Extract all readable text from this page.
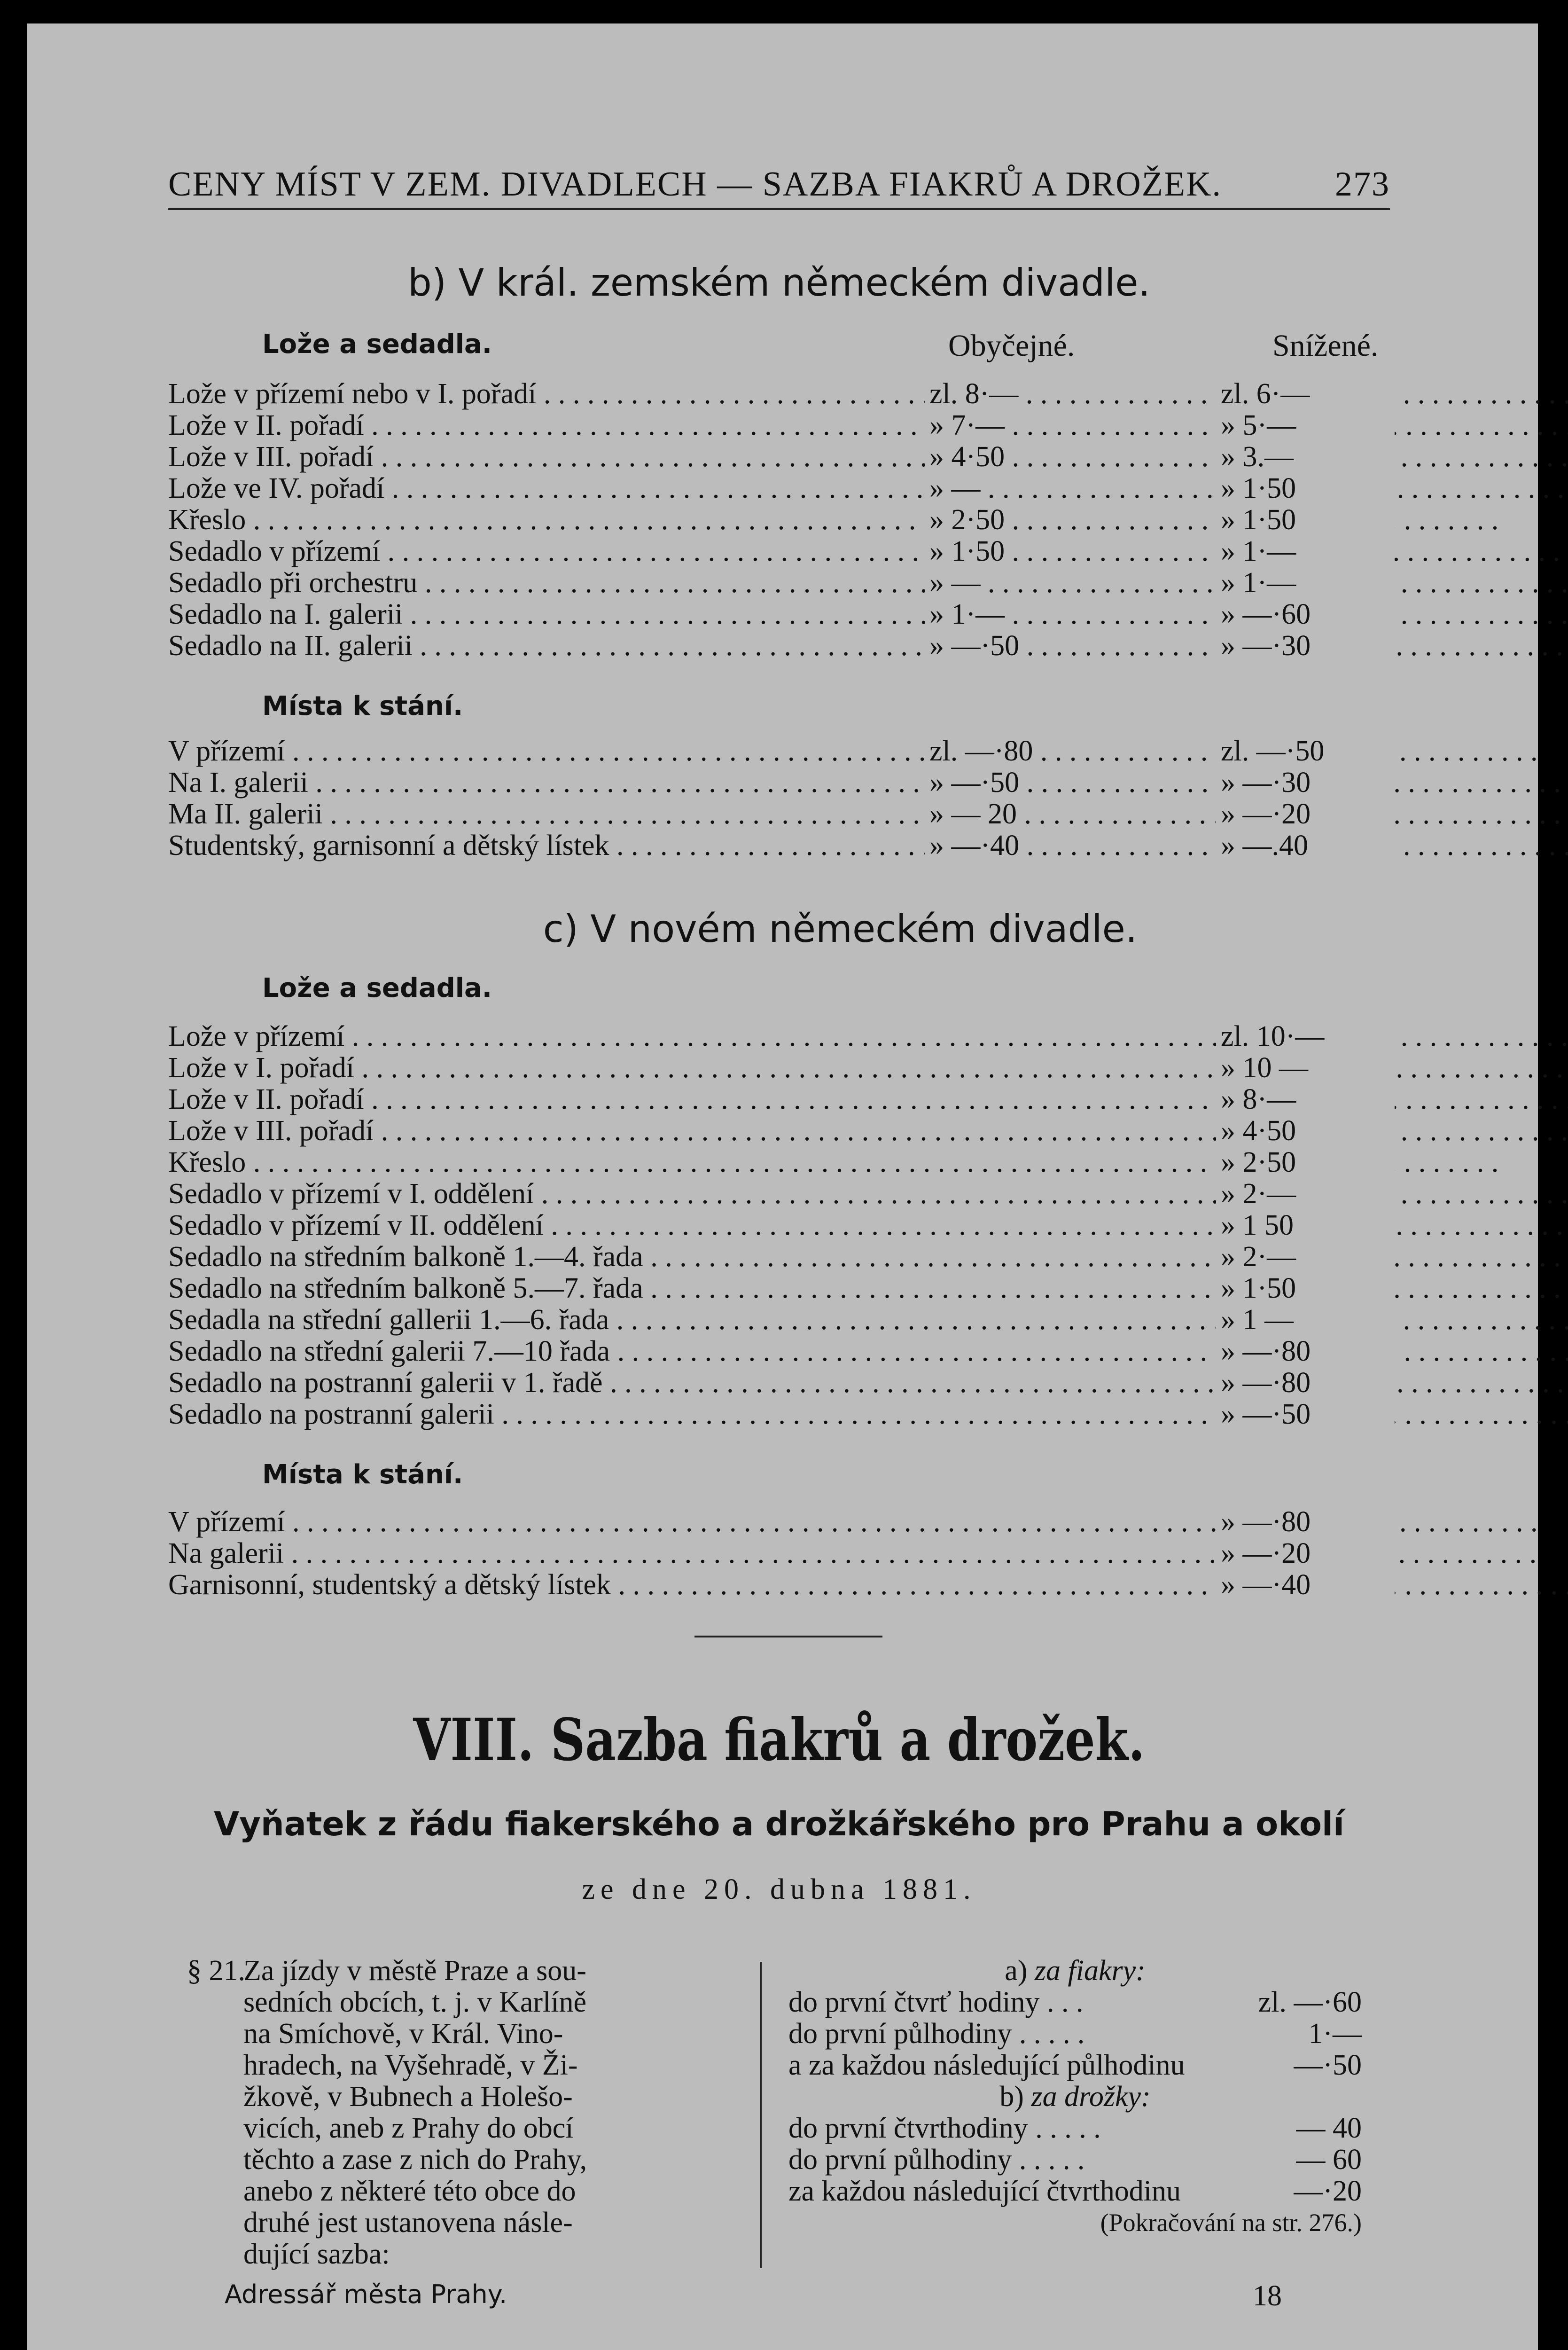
CENY MÍST V ZEM. DIVADLECH — SAZBA FIAKRŮ A DROŽEK.	273
b) V král. zemském německém divadle.
Lože a sedadla.	Obyčejné.	Snížené.
Lože v přízemí nebo v I. pořadí . . .	zl. 8·— . . .	zl. 6·—
Lože v II. pořadí . . .	» 7·— . . .	» 5·—
Lože v III. pořadí . . .	» 4·50 . . .	» 3.—
Lože ve IV. pořadí . . .	» — . . .	» 1·50
Křeslo . . .	» 2·50 . . .	» 1·50
Sedadlo v přízemí . . .	» 1·50 . . .	» 1·—
Sedadlo při orchestru . . .	» — . . .	» 1·—
Sedadlo na I. galerii . . .	» 1·— . . .	» —·60
Sedadlo na II. galerii . . .	» —·50 . . .	» —·30
Místa k stání.
V přízemí . . .	zl. —·80 . . .	zl. —·50
Na I. galerii . . .	» —·50 . . .	» —·30
Ma II. galerii . . .	» — 20 . . .	» —·20
Studentský, garnisonní a dětský lístek . . .	» —·40 . . .	» —.40
c) V novém německém divadle.
Lože a sedadla.
Lože v přízemí . . .	zl. 10·—
Lože v I. pořadí . . .	» 10 —
Lože v II. pořadí . . .	» 8·—
Lože v III. pořadí . . .	» 4·50
Křeslo . . .	» 2·50
Sedadlo v přízemí v I. oddělení . . .	» 2·—
Sedadlo v přízemí v II. oddělení . . .	» 1 50
Sedadlo na středním balkoně 1.—4. řada . . .	» 2·—
Sedadlo na středním balkoně 5.—7. řada . . .	» 1·50
Sedadla na střední gallerii 1.—6. řada . . .	» 1 —
Sedadlo na střední galerii 7.—10 řada . . .	» —·80
Sedadlo na postranní galerii v 1. řadě . . .	» —·80
Sedadlo na postranní galerii . . .	» —·50
Místa k stání.
V přízemí . . .	» —·80
Na galerii . . .	» —·20
Garnisonní, studentský a dětský lístek . . .	» —·40
VIII. Sazba fiakrů a drožek.
Vyňatek z řádu fiakerského a drožkářského pro Prahu a okolí
ze dne 20. dubna 1881.
§ 21.Za jízdy v městě Praze a sou-
sedních obcích, t. j. v Karlíně
na Smíchově, v Král. Vino-
hradech, na Vyšehradě, v Ži-
žkově, v Bubnech a Holešo-
vicích, aneb z Prahy do obcí
těchto a zase z nich do Prahy,
anebo z některé této obce do
druhé jest ustanovena násle-
dující sazba:
a) za fiakry:
do první čtvrť hodiny . . .	zl. —·60
do první půlhodiny . . . . .	1·—
a za každou následující půlhodinu	—·50
b) za drožky:
do první čtvrthodiny . . . . .	— 40
do první půlhodiny . . . . .	— 60
za každou následující čtvrthodinu	—·20
(Pokračování na str. 276.)
Adressář města Prahy.	18
